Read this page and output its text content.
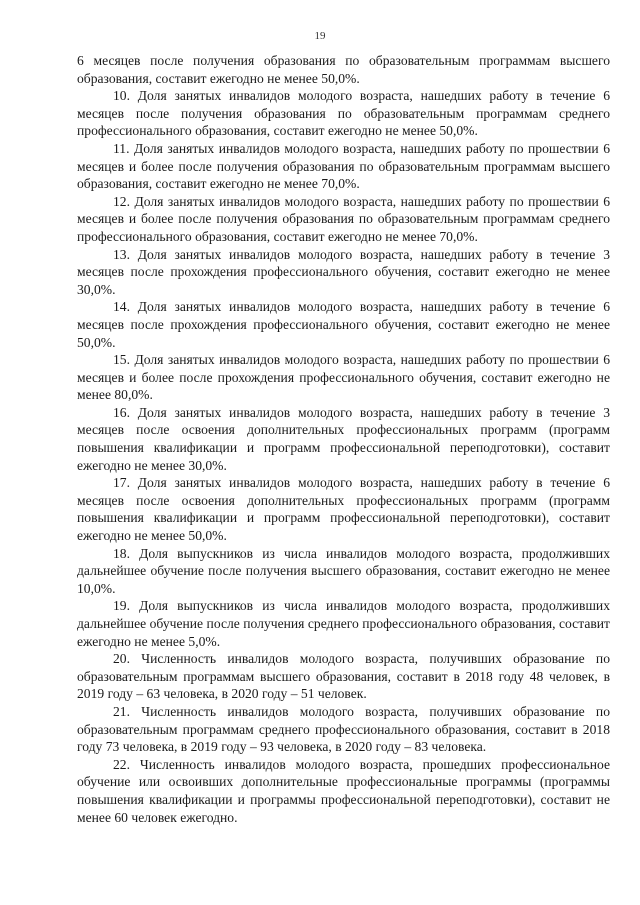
19

6 месяцев после получения образования по образовательным программам высшего образования, составит ежегодно не менее 50,0%.

10. Доля занятых инвалидов молодого возраста, нашедших работу в течение 6 месяцев после получения образования по образовательным программам среднего профессионального образования, составит ежегодно не менее 50,0%.

11. Доля занятых инвалидов молодого возраста, нашедших работу по прошествии 6 месяцев и более после получения образования по образовательным программам высшего образования, составит ежегодно не менее 70,0%.

12. Доля занятых инвалидов молодого возраста, нашедших работу по прошествии 6 месяцев и более после получения образования по образовательным программам среднего профессионального образования, составит ежегодно не менее 70,0%.

13. Доля занятых инвалидов молодого возраста, нашедших работу в течение 3 месяцев после прохождения профессионального обучения, составит ежегодно не менее 30,0%.

14. Доля занятых инвалидов молодого возраста, нашедших работу в течение 6 месяцев после прохождения профессионального обучения, составит ежегодно не менее 50,0%.

15. Доля занятых инвалидов молодого возраста, нашедших работу по прошествии 6 месяцев и более после прохождения профессионального обучения, составит ежегодно не менее 80,0%.

16. Доля занятых инвалидов молодого возраста, нашедших работу в течение 3 месяцев после освоения дополнительных профессиональных программ (программ повышения квалификации и программ профессиональной переподготовки), составит ежегодно не менее 30,0%.

17. Доля занятых инвалидов молодого возраста, нашедших работу в течение 6 месяцев после освоения дополнительных профессиональных программ (программ повышения квалификации и программ профессиональной переподготовки), составит ежегодно не менее 50,0%.

18. Доля выпускников из числа инвалидов молодого возраста, продолживших дальнейшее обучение после получения высшего образования, составит ежегодно не менее 10,0%.

19. Доля выпускников из числа инвалидов молодого возраста, продолживших дальнейшее обучение после получения среднего профессионального образования, составит ежегодно не менее 5,0%.

20. Численность инвалидов молодого возраста, получивших образование по образовательным программам высшего образования, составит в 2018 году 48 человек, в 2019 году – 63 человека, в 2020 году – 51 человек.

21. Численность инвалидов молодого возраста, получивших образование по образовательным программам среднего профессионального образования, составит в 2018 году 73 человека, в 2019 году – 93 человека, в 2020 году – 83 человека.

22. Численность инвалидов молодого возраста, прошедших профессиональное обучение или освоивших дополнительные профессиональные программы (программы повышения квалификации и программы профессиональной переподготовки), составит не менее 60 человек ежегодно.
